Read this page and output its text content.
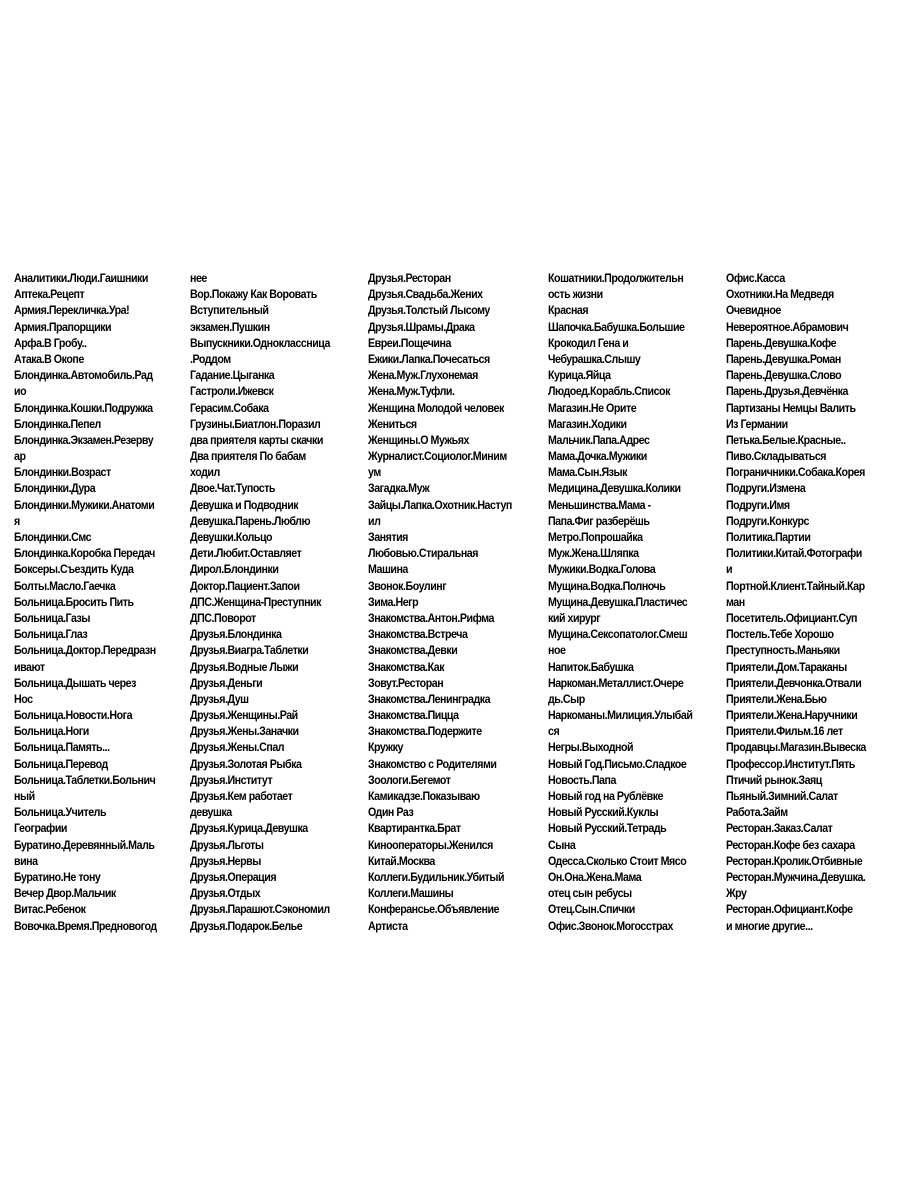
Аналитики.Люди.Гаишники
Аптека.Рецепт
Армия.Перекличка.Ура!
Армия.Прапорщики
Арфа.В Гробу..
Атака.В Окопе
Блондинка.Автомобиль.Рад
ио
Блондинка.Кошки.Подружка
Блондинка.Пепел
Блондинка.Экзамен.Резерву
ар
Блондинки.Возраст
Блондинки.Дура
Блондинки.Мужики.Анатоми
я
Блондинки.Смс
Блондинка.Коробка Передач
Боксеры.Съездить Куда
Болты.Масло.Гаечка
Больница.Бросить Пить
Больница.Газы
Больница.Глаз
Больница.Доктор.Передразн
ивают
Больница.Дышать через
Нос
Больница.Новости.Нога
Больница.Ноги
Больница.Память...
Больница.Перевод
Больница.Таблетки.Больнич
ный
Больница.Учитель
Географии
Буратино.Деревянный.Маль
вина
Буратино.Не тону
Вечер Двор.Мальчик
Витас.Ребенок
Вовочка.Время.Предновогод
нее
Вор.Покажу Как Воровать
Вступительный
экзамен.Пушкин
Выпускники.Одноклассница
.Роддом
Гадание.Цыганка
Гастроли.Ижевск
Герасим.Собака
Грузины.Биатлон.Поразил
два приятеля карты скачки
Два приятеля По бабам
ходил
Двое.Чат.Тупость
Девушка и Подводник
Девушка.Парень.Люблю
Девушки.Кольцо
Дети.Любит.Оставляет
Дирол.Блондинки
Доктор.Пациент.Запои
ДПС.Женщина-Преступник
ДПС.Поворот
Друзья.Блондинка
Друзья.Виагра.Таблетки
Друзья.Водные Лыжи
Друзья.Деньги
Друзья.Душ
Друзья.Женщины.Рай
Друзья.Жены.Заначки
Друзья.Жены.Спал
Друзья.Золотая Рыбка
Друзья.Институт
Друзья.Кем работает
девушка
Друзья.Курица.Девушка
Друзья.Льготы
Друзья.Нервы
Друзья.Операция
Друзья.Отдых
Друзья.Парашют.Сэкономил
Друзья.Подарок.Белье
Друзья.Ресторан
Друзья.Свадьба.Жених
Друзья.Толстый Лысому
Друзья.Шрамы.Драка
Евреи.Пощечина
Ежики.Лапка.Почесаться
Жена.Муж.Глухонемая
Жена.Муж.Туфли.
Женщина Молодой человек
Жениться
Женщины.О Мужьях
Журналист.Социолог.Миним
ум
Загадка.Муж
Зайцы.Лапка.Охотник.Наступ
ил
Занятия
Любовью.Стиральная
Машина
Звонок.Боулинг
Зима.Негр
Знакомства.Антон.Рифма
Знакомства.Встреча
Знакомства.Девки
Знакомства.Как
Зовут.Ресторан
Знакомства.Ленинградка
Знакомства.Пицца
Знакомства.Подержите
Кружку
Знакомство с Родителями
Зоологи.Бегемот
Камикадзе.Показываю
Один Раз
Квартирантка.Брат
Кинооператоры.Женился
Китай.Москва
Коллеги.Будильник.Убитый
Коллеги.Машины
Конферансье.Объявление
Артиста
Кошатники.Продолжительн
ость жизни
Красная
Шапочка.Бабушка.Большие
Крокодил Гена и
Чебурашка.Слышу
Курица.Яйца
Людоед.Корабль.Список
Магазин.Не Орите
Магазин.Ходики
Мальчик.Папа.Адрес
Мама.Дочка.Мужики
Мама.Сын.Язык
Медицина.Девушка.Колики
Меньшинства.Мама -
Папа.Фиг разберёшь
Метро.Попрошайка
Муж.Жена.Шляпка
Мужики.Водка.Голова
Мущина.Водка.Полночь
Мущина.Девушка.Пластичес
кий хирург
Мущина.Сексопатолог.Смеш
ное
Напиток.Бабушка
Наркоман.Металлист.Очере
дь.Сыр
Наркоманы.Милиция.Улыбай
ся
Негры.Выходной
Новый Год.Письмо.Сладкое
Новость.Папа
Новый год на Рублёвке
Новый Русский.Куклы
Новый Русский.Тетрадь
Сына
Одесса.Сколько Стоит Мясо
Он.Она.Жена.Мама
отец сын ребусы
Отец.Сын.Спички
Офис.Звонок.Могосстрах
Офис.Касса
Охотники.На Медведя
Очевидное
Невероятное.Абрамович
Парень.Девушка.Кофе
Парень.Девушка.Роман
Парень.Девушка.Слово
Парень.Друзья.Девчёнка
Партизаны Немцы Валить
Из Германии
Петька.Белые.Красные..
Пиво.Складываться
Пограничники.Собака.Корея
Подруги.Измена
Подруги.Имя
Подруги.Конкурс
Политика.Партии
Политики.Китай.Фотографи
и
Портной.Клиент.Тайный.Кар
ман
Посетитель.Официант.Суп
Постель.Тебе Хорошо
Преступность.Маньяки
Приятели.Дом.Тараканы
Приятели.Девчонка.Отвали
Приятели.Жена.Бью
Приятели.Жена.Наручники
Приятели.Фильм.16 лет
Продавцы.Магазин.Вывеска
Профессор.Институт.Пять
Птичий рынок.Заяц
Пьяный.Зимний.Салат
Работа.Займ
Ресторан.Заказ.Салат
Ресторан.Кофе без сахара
Ресторан.Кролик.Отбивные
Ресторан.Мужчина.Девушка.
Жру
Ресторан.Официант.Кофе
и многие другие...
